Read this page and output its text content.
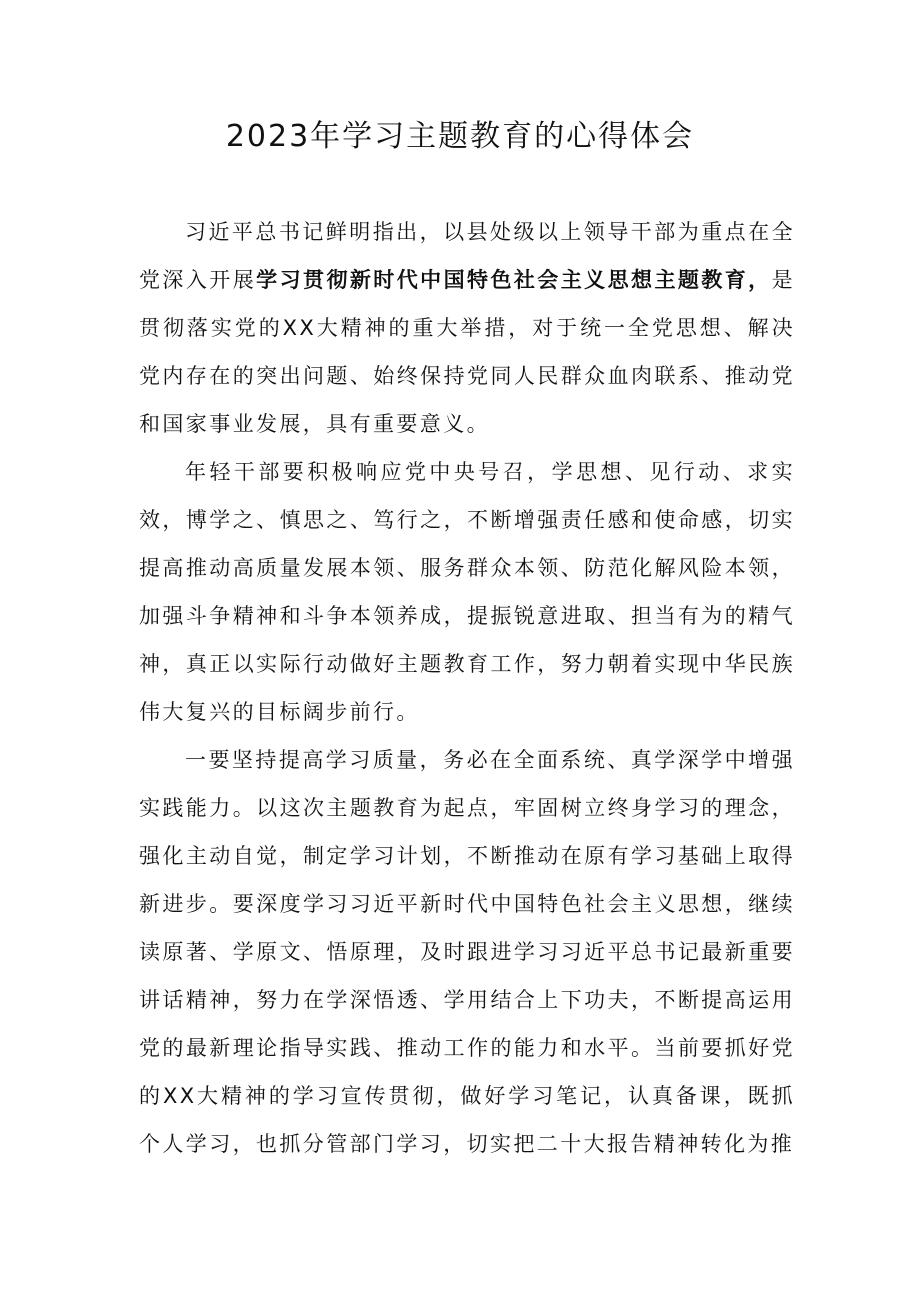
2023年学习主题教育的心得体会

习近平总书记鲜明指出，以县处级以上领导干部为重点在全党深入开展学习贯彻新时代中国特色社会主义思想主题教育，是贯彻落实党的XX大精神的重大举措，对于统一全党思想、解决党内存在的突出问题、始终保持党同人民群众血肉联系、推动党和国家事业发展，具有重要意义。

年轻干部要积极响应党中央号召，学思想、见行动、求实效，博学之、慎思之、笃行之，不断增强责任感和使命感，切实提高推动高质量发展本领、服务群众本领、防范化解风险本领，加强斗争精神和斗争本领养成，提振锐意进取、担当有为的精气神，真正以实际行动做好主题教育工作，努力朝着实现中华民族伟大复兴的目标阔步前行。

一要坚持提高学习质量，务必在全面系统、真学深学中增强实践能力。以这次主题教育为起点，牢固树立终身学习的理念，强化主动自觉，制定学习计划，不断推动在原有学习基础上取得新进步。要深度学习习近平新时代中国特色社会主义思想，继续读原著、学原文、悟原理，及时跟进学习习近平总书记最新重要讲话精神，努力在学深悟透、学用结合上下功夫，不断提高运用党的最新理论指导实践、推动工作的能力和水平。当前要抓好党的XX大精神的学习宣传贯彻，做好学习笔记，认真备课，既抓个人学习，也抓分管部门学习，切实把二十大报告精神转化为推
